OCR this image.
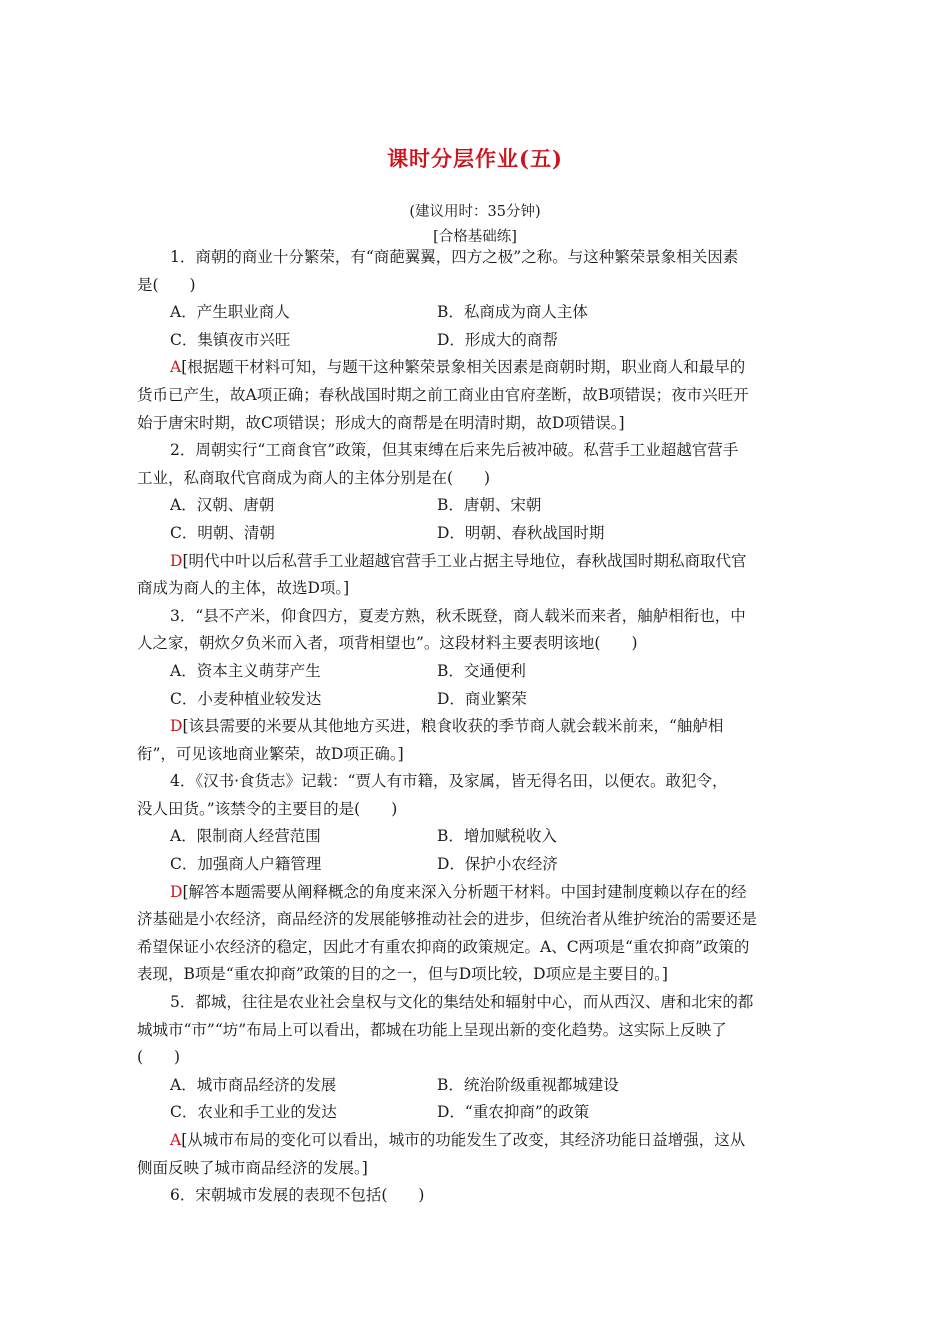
课时分层作业(五)
(建议用时：35分钟)
[合格基础练]
1．商朝的商业十分繁荣，有“商葩翼翼，四方之极”之称。与这种繁荣景象相关因素
是(　　)
A．产生职业商人	B．私商成为商人主体
C．集镇夜市兴旺	D．形成大的商帮
A[根据题干材料可知，与题干这种繁荣景象相关因素是商朝时期，职业商人和最早的
货币已产生，故A项正确；春秋战国时期之前工商业由官府垄断，故B项错误；夜市兴旺开
始于唐宋时期，故C项错误；形成大的商帮是在明清时期，故D项错误。]
2．周朝实行“工商食官”政策，但其束缚在后来先后被冲破。私营手工业超越官营手
工业，私商取代官商成为商人的主体分别是在(　　)
A．汉朝、唐朝	B．唐朝、宋朝
C．明朝、清朝	D．明朝、春秋战国时期
D[明代中叶以后私营手工业超越官营手工业占据主导地位，春秋战国时期私商取代官
商成为商人的主体，故选D项。]
3．“县不产米，仰食四方，夏麦方熟，秋禾既登，商人载米而来者，舳舻相衔也，中
人之家，朝炊夕负米而入者，项背相望也”。这段材料主要表明该地(　　)
A．资本主义萌芽产生	B．交通便利
C．小麦种植业较发达	D．商业繁荣
D[该县需要的米要从其他地方买进，粮食收获的季节商人就会载米前来，“舳舻相
衔”，可见该地商业繁荣，故D项正确。]
4．《汉书·食货志》记载：“贾人有市籍，及家属，皆无得名田，以便农。敢犯令，
没人田货。”该禁令的主要目的是(　　)
A．限制商人经营范围	B．增加赋税收入
C．加强商人户籍管理	D．保护小农经济
D[解答本题需要从阐释概念的角度来深入分析题干材料。中国封建制度赖以存在的经
济基础是小农经济，商品经济的发展能够推动社会的进步，但统治者从维护统治的需要还是
希望保证小农经济的稳定，因此才有重农抑商的政策规定。A、C两项是“重农抑商”政策的
表现，B项是“重农抑商”政策的目的之一，但与D项比较，D项应是主要目的。]
5．都城，往往是农业社会皇权与文化的集结处和辐射中心，而从西汉、唐和北宋的都
城城市“市”“坊”布局上可以看出，都城在功能上呈现出新的变化趋势。这实际上反映了
(　　)
A．城市商品经济的发展	B．统治阶级重视都城建设
C．农业和手工业的发达	D．“重农抑商”的政策
A[从城市布局的变化可以看出，城市的功能发生了改变，其经济功能日益增强，这从
侧面反映了城市商品经济的发展。]
6．宋朝城市发展的表现不包括(　　)
